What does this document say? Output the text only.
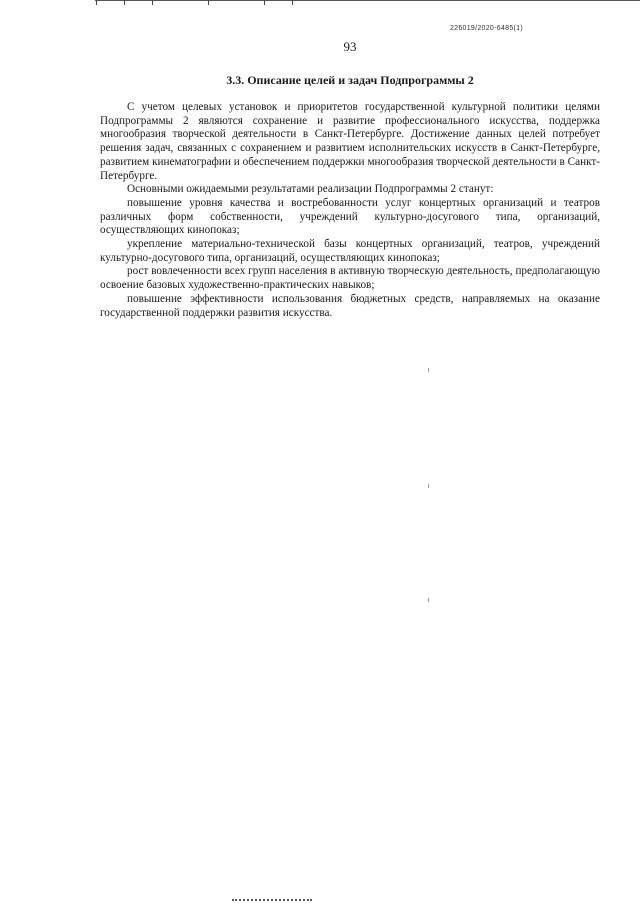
226019/2020-6485(1)
93
3.3. Описание целей и задач Подпрограммы 2

С учетом целевых установок и приоритетов государственной культурной политики целями Подпрограммы 2 являются сохранение и развитие профессионального искусства, поддержка многообразия творческой деятельности в Санкт-Петербурге. Достижение данных целей потребует решения задач, связанных с сохранением и развитием исполнительских искусств в Санкт-Петербурге, развитием кинематографии и обеспечением поддержки многообразия творческой деятельности в Санкт-Петербурге.

Основными ожидаемыми результатами реализации Подпрограммы 2 станут:

повышение уровня качества и востребованности услуг концертных организаций и театров различных форм собственности, учреждений культурно-досугового типа, организаций, осуществляющих кинопоказ;

укрепление материально-технической базы концертных организаций, театров, учреждений культурно-досугового типа, организаций, осуществляющих кинопоказ;

рост вовлеченности всех групп населения в активную творческую деятельность, предполагающую освоение базовых художественно-практических навыков;

повышение эффективности использования бюджетных средств, направляемых на оказание государственной поддержки развития искусства.
